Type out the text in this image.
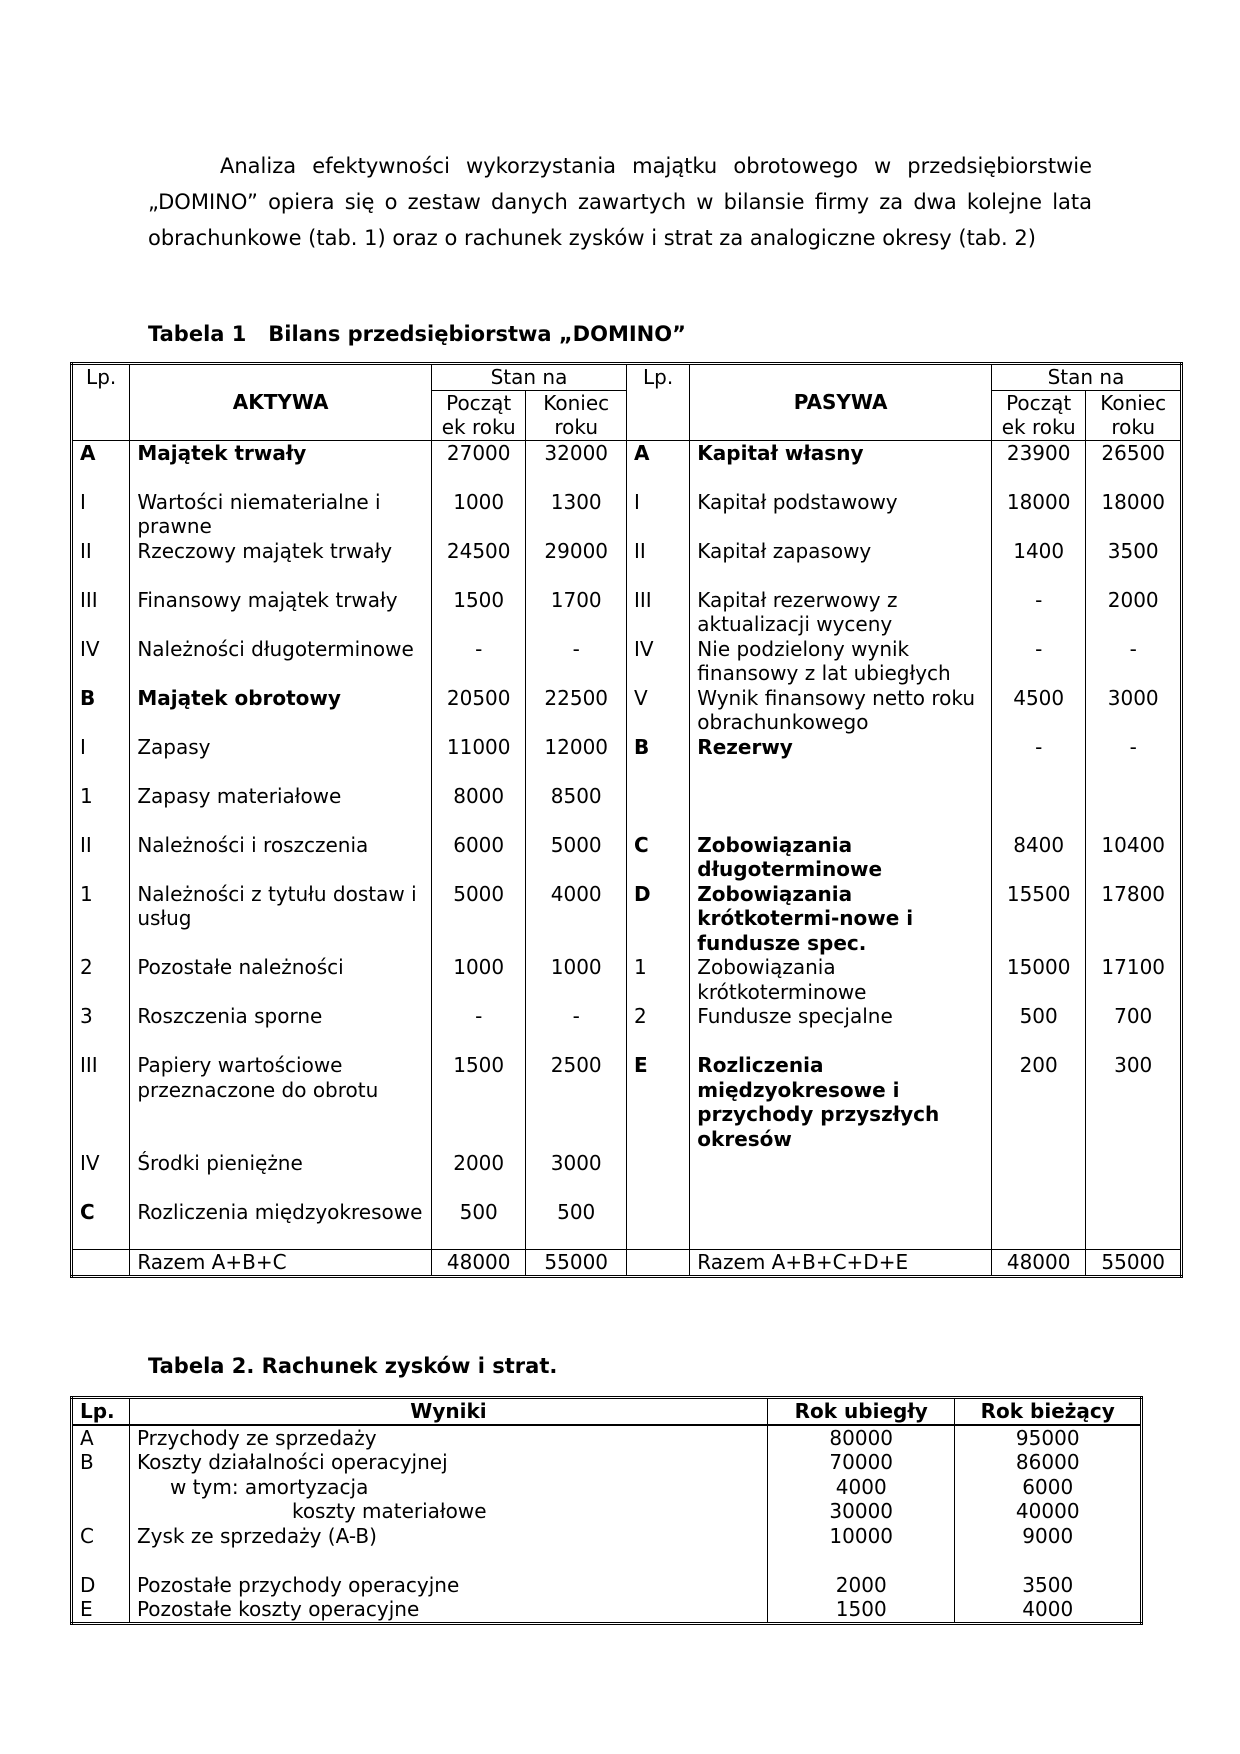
Analiza efektywności wykorzystania majątku obrotowego w przedsiębiorstwie „DOMINO” opiera się o zestaw danych zawartych w bilansie firmy za dwa kolejne lata obrachunkowe (tab. 1) oraz o rachunek zysków i strat za analogiczne okresy (tab. 2)

Tabela 1   Bilans przedsiębiorstwa „DOMINO”

Lp.	AKTYWA	Stan na		Lp.	PASYWA	Stan na	
		Począt ek roku	Koniec roku			Począt ek roku	Koniec roku
A	Majątek trwały	27000	32000	A	Kapitał własny	23900	26500
I	Wartości niematerialne i prawne	1000	1300	I	Kapitał podstawowy	18000	18000
II	Rzeczowy majątek trwały	24500	29000	II	Kapitał zapasowy	1400	3500
III	Finansowy majątek trwały	1500	1700	III	Kapitał rezerwowy z aktualizacji wyceny	-	2000
IV	Należności długoterminowe	-	-	IV	Nie podzielony wynik finansowy z lat ubiegłych	-	-
B	Majątek obrotowy	20500	22500	V	Wynik finansowy netto roku obrachunkowego	4500	3000
I	Zapasy	11000	12000	B	Rezerwy	-	-
1	Zapasy materiałowe	8000	8500				
II	Należności i roszczenia	6000	5000	C	Zobowiązania długoterminowe	8400	10400
1	Należności z tytułu dostaw i usług	5000	4000	D	Zobowiązania krótkotermi-nowe i fundusze spec.	15500	17800
2	Pozostałe należności	1000	1000	1	Zobowiązania krótkoterminowe	15000	17100
3	Roszczenia sporne	-	-	2	Fundusze specjalne	500	700
III	Papiery wartościowe przeznaczone do obrotu	1500	2500	E	Rozliczenia międzyokresowe i przychody przyszłych okresów	200	300
IV	Środki pieniężne	2000	3000				
C	Rozliczenia międzyokresowe	500	500				
	Razem A+B+C	48000	55000		Razem A+B+C+D+E	48000	55000

Tabela 2. Rachunek zysków i strat.

Lp.	Wyniki	Rok ubiegły	Rok bieżący
A	Przychody ze sprzedaży	80000	95000
B	Koszty działalności operacyjnej	70000	86000
	w tym: amortyzacja	4000	6000
	koszty materiałowe	30000	40000
C	Zysk ze sprzedaży (A-B)	10000	9000
D	Pozostałe przychody operacyjne	2000	3500
E	Pozostałe koszty operacyjne	1500	4000
